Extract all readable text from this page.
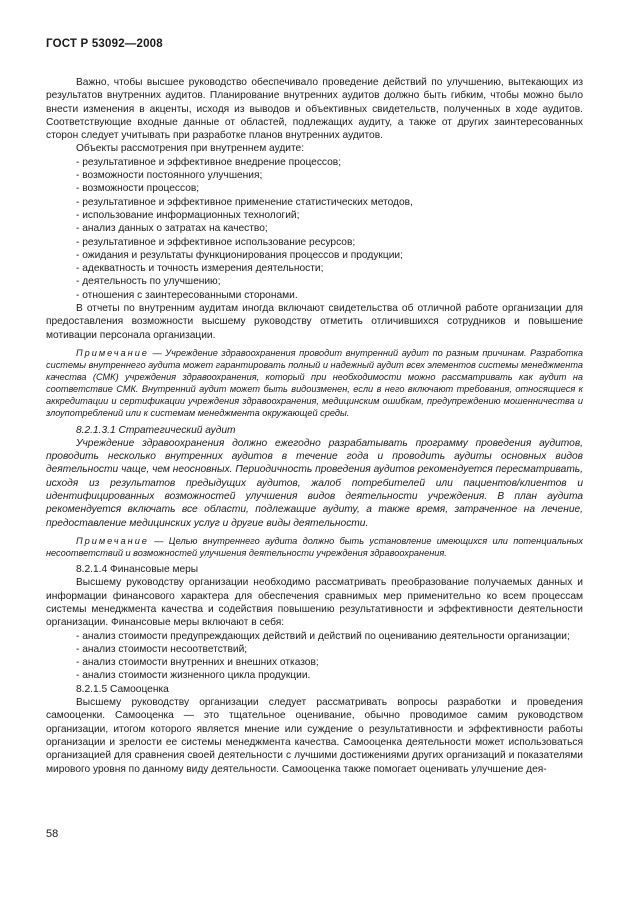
ГОСТ Р 53092—2008

Важно, чтобы высшее руководство обеспечивало проведение действий по улучшению, вытекающих из результатов внутренних аудитов. Планирование внутренних аудитов должно быть гибким, чтобы можно было внести изменения в акценты, исходя из выводов и объективных свидетельств, полученных в ходе аудитов. Соответствующие входные данные от областей, подлежащих аудиту, а также от других заинтересованных сторон следует учитывать при разработке планов внутренних аудитов.

Объекты рассмотрения при внутреннем аудите:

- результативное и эффективное внедрение процессов;

- возможности постоянного улучшения;

- возможности процессов;

- результативное и эффективное применение статистических методов,

- использование информационных технологий;

- анализ данных о затратах на качество;

- результативное и эффективное использование ресурсов;

- ожидания и результаты функционирования процессов и продукции;

- адекватность и точность измерения деятельности;

- деятельность по улучшению;

- отношения с заинтересованными сторонами.

В отчеты по внутренним аудитам иногда включают свидетельства об отличной работе организации для предоставления возможности высшему руководству отметить отличившихся сотрудников и повышение мотивации персонала организации.

Примечание — Учреждение здравоохранения проводит внутренний аудит по разным причинам. Разработка системы внутреннего аудита может гарантировать полный и надежный аудит всех элементов системы менеджмента качества (СМК) учреждения здравоохранения, который при необходимости можно рассматривать как аудит на соответствие СМК. Внутренний аудит может быть видоизменен, если в него включают требования, относящиеся к аккредитации и сертификации учреждения здравоохранения, медицинским ошибкам, предупреждению мошенничества и злоупотреблений или к системам менеджмента окружающей среды.

8.2.1.3.1 Стратегический аудит

Учреждение здравоохранения должно ежегодно разрабатывать программу проведения аудитов, проводить несколько внутренних аудитов в течение года и проводить аудиты основных видов деятельности чаще, чем неосновных. Периодичность проведения аудитов рекомендуется пересматривать, исходя из результатов предыдущих аудитов, жалоб потребителей или пациентов/клиентов и идентифицированных возможностей улучшения видов деятельности учреждения. В план аудита рекомендуется включать все области, подлежащие аудиту, а также время, затраченное на лечение, предоставление медицинских услуг и другие виды деятельности.

Примечание — Целью внутреннего аудита должно быть установление имеющихся или потенциальных несоответствий и возможностей улучшения деятельности учреждения здравоохранения.

8.2.1.4 Финансовые меры

Высшему руководству организации необходимо рассматривать преобразование получаемых данных и информации финансового характера для обеспечения сравнимых мер применительно ко всем процессам системы менеджмента качества и содействия повышению результативности и эффективности деятельности организации. Финансовые меры включают в себя:

- анализ стоимости предупреждающих действий и действий по оцениванию деятельности организации;

- анализ стоимости несоответствий;

- анализ стоимости внутренних и внешних отказов;

- анализ стоимости жизненного цикла продукции.

8.2.1.5 Самооценка

Высшему руководству организации следует рассматривать вопросы разработки и проведения самооценки. Самооценка — это тщательное оценивание, обычно проводимое самим руководством организации, итогом которого является мнение или суждение о результативности и эффективности работы организации и зрелости ее системы менеджмента качества. Самооценка деятельности может использоваться организацией для сравнения своей деятельности с лучшими достижениями других организаций и показателями мирового уровня по данному виду деятельности. Самооценка также помогает оценивать улучшение дея-

58
